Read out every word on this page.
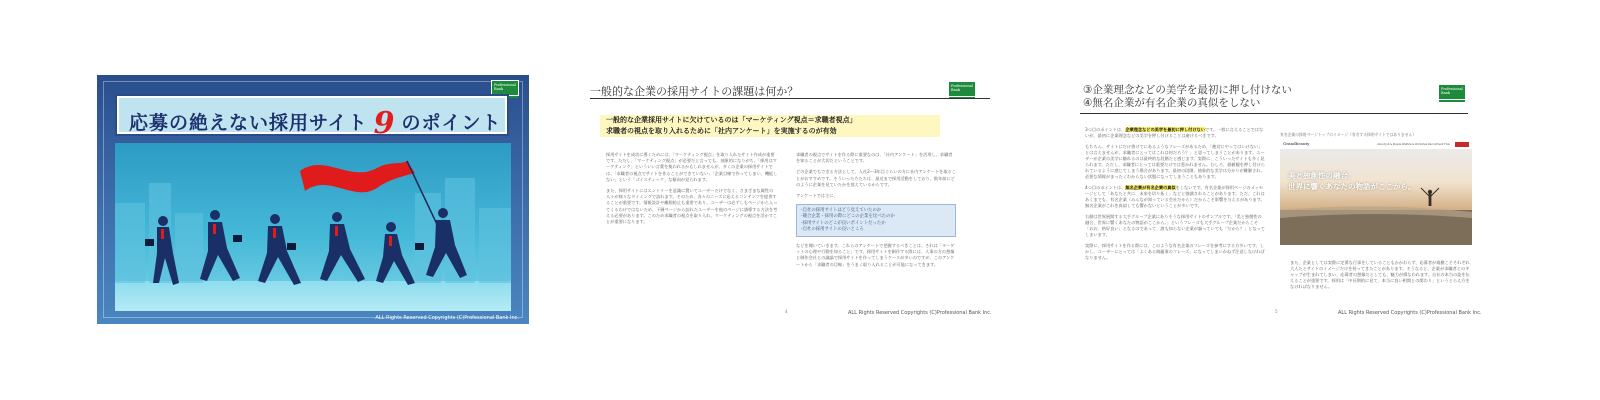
Professional Bank
応募の絶えない採用サイト 9 のポイント
ALL Rights Reserved Copyrights (C)Professional Bank Inc.
一般的な企業の採用サイトの課題は何か？	Professional Bank
一般的な企業採用サイトに欠けているのは「マーケティング視点＝求職者視点」
求職者の視点を取り入れるために「社内アンケート」を実施するのが有効

採用サイトを成功に導くためには、「マーケティング視点」を取り入れたサイト作成が重要です。ただし、「マーケティング視点」が必要だと言っても、抽象的になりがち。「採用はマーケティング」といういい言葉を使われるかもしれませんが、多くの企業の採用サイトでは、「求職者の視点でサイトを作ることができていない」「企業目線で作ってしまい、機能しない」という「ゴイスティック」な傾向が見られます。

また、採用サイトにはエントリーを意識に置いてユーザーだけでなく、さまざまな属性の人々が様々なタイミングで訪れます。そのため、各々のニーズに応えるコンテンツを提供することが重要です。情報設計や離脱防止も重要であり、ユーザーは必ずしもページから入ってくるわけではないため、下層ページから訪れたユーザーを他のページに誘導する方法を考える必要があります。このため求職者の視点を取り入れ、マーケティングの視点を活かすことが重要になります。

求職者の視点でサイトを作る際に重要なのは、「社内アンケート」を活用し、求職者を知ることが大切だということです。

どの企業でもできる方法として、入社2〜3年目ぐらいの方に社内アンケートを取ることがおすすめです。そういった方たちは、最近まで採用活動をしており、数年前にどのように企業を見ていたかを覚えているからです。

アンケートでは主に、

-自社の採用サイトはどう見えていたのか
-競合企業・採用の際にどこの企業を比べたのか
-採用サイトのどこが良いポイントだったか
-自社の採用サイトの良いところ

などを聞いていきます。これらのアンケートで把握するべきことは、それは「ターゲットの心理や行動を知ること」です。採用サイトを制作する際には、人事の方の想像と制作会社との議論で採用サイトを作ってしまうケースが多いのですが、このアンケートから「求職者の目線」をうまく取り入れることが可能になってきます。

4	ALL Rights Reserved Copyrights (C)Professional Bank Inc.
③企業理念などの美学を最初に押し付けない
④無名企業が有名企業の真似をしない
Professional Bank

3つ目のポイントは、企業理念などの美学を最初に押し付けないです。一般に言えることではないが、最初に企業理念などの美学を押し付けることは避けるべきです。

もちろん、サイトにだけ書けてにあるようなフレーズがあるため、「絶対にやってはいけない」とは言えませんが、求職者にとってはこれは何だろう？」と思ってしまうことがあります。ユーザーが企業の美学に触れるのは最終的な段階だと感じます。実際に、こういったサイトも多く見られます。ただし、求職者にとっては重要だけでは惹かれません。むしろ、価値観を押し付けられているように感じてしまう場合があります。最初の段階、抽象的な美学は分かりが難解され、必要な情報がまったくわからない状態になってしまうこともあります。

4つ目のポイントは、無名企業が有名企業の真似をしないです。有名企業が採用ページのメッセージとして「あなたと共に、未来を切り拓く」などと強調されることがあります。ただ、これはあくまでも、有名企業（みんなが知っている会社だから）だからこそ影響を与えるがあります。無名企業がこれを真似しても響かないということが多いです。

右側は世界展開する大手グループ企業にありそうな採用サイトのサンプルです。「美と独創性の融合、世界に響くあなたの物語がここから。」というフレーズも大手グループ企業だからこそ「おお、格好良い」となるのであって、誰も知らない企業が謳っていても「だから？」となってしまいます。

実際に、採用サイトを作る際には、このような有名企業のフレーズを参考にする方多いです。しかし、ユーザーにとっては「よくある綺麗事のフレーズ」になってしまいかねず注意しなければなりません。

有名企業の採用ページトップのイメージ（有名する採用サイトではありません）
Grandbeauty	About Job & People Welfare & Workstyle Recruitment Flow
美と独創性の融合、
世界に響くあなたの物語がここから。

また、企業としては実際に定番な行事をしていることもかかわらず、応募者が規模こそそれぞれ大人たとサイトのイメージだけを持ってきたことがあります。そうなると、企業が求職者とのギャップが生まれてしまい、応募者の想像だとしても、魅力が損なわれます。自社の本当の姿を伝えることが重要です。採用は「中長期的に見て、本当に良い相関との関わり」というとらえ方をなければなりません。

5	ALL Rights Reserved Copyrights (C)Professional Bank Inc.
